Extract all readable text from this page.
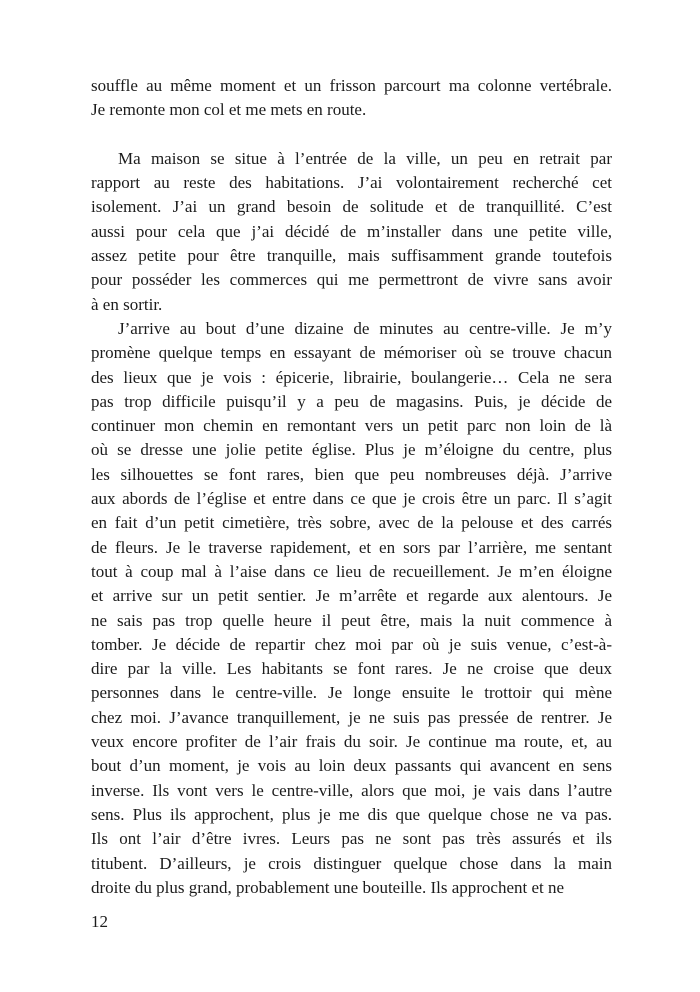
souffle au même moment et un frisson parcourt ma colonne vertébrale.
Je remonte mon col et me mets en route.

Ma maison se situe à l’entrée de la ville, un peu en retrait par
rapport au reste des habitations. J’ai volontairement recherché cet
isolement. J’ai un grand besoin de solitude et de tranquillité. C’est
aussi pour cela que j’ai décidé de m’installer dans une petite ville,
assez petite pour être tranquille, mais suffisamment grande toutefois
pour posséder les commerces qui me permettront de vivre sans avoir
à en sortir.

J’arrive au bout d’une dizaine de minutes au centre-ville. Je m’y
promène quelque temps en essayant de mémoriser où se trouve chacun
des lieux que je vois : épicerie, librairie, boulangerie… Cela ne sera
pas trop difficile puisqu’il y a peu de magasins. Puis, je décide de
continuer mon chemin en remontant vers un petit parc non loin de là
où se dresse une jolie petite église. Plus je m’éloigne du centre, plus
les silhouettes se font rares, bien que peu nombreuses déjà. J’arrive
aux abords de l’église et entre dans ce que je crois être un parc. Il s’agit
en fait d’un petit cimetière, très sobre, avec de la pelouse et des carrés
de fleurs. Je le traverse rapidement, et en sors par l’arrière, me sentant
tout à coup mal à l’aise dans ce lieu de recueillement. Je m’en éloigne
et arrive sur un petit sentier. Je m’arrête et regarde aux alentours. Je
ne sais pas trop quelle heure il peut être, mais la nuit commence à
tomber. Je décide de repartir chez moi par où je suis venue, c’est-à-
dire par la ville. Les habitants se font rares. Je ne croise que deux
personnes dans le centre-ville. Je longe ensuite le trottoir qui mène
chez moi. J’avance tranquillement, je ne suis pas pressée de rentrer. Je
veux encore profiter de l’air frais du soir. Je continue ma route, et, au
bout d’un moment, je vois au loin deux passants qui avancent en sens
inverse. Ils vont vers le centre-ville, alors que moi, je vais dans l’autre
sens. Plus ils approchent, plus je me dis que quelque chose ne va pas.
Ils ont l’air d’être ivres. Leurs pas ne sont pas très assurés et ils
titubent. D’ailleurs, je crois distinguer quelque chose dans la main
droite du plus grand, probablement une bouteille. Ils approchent et ne

12
